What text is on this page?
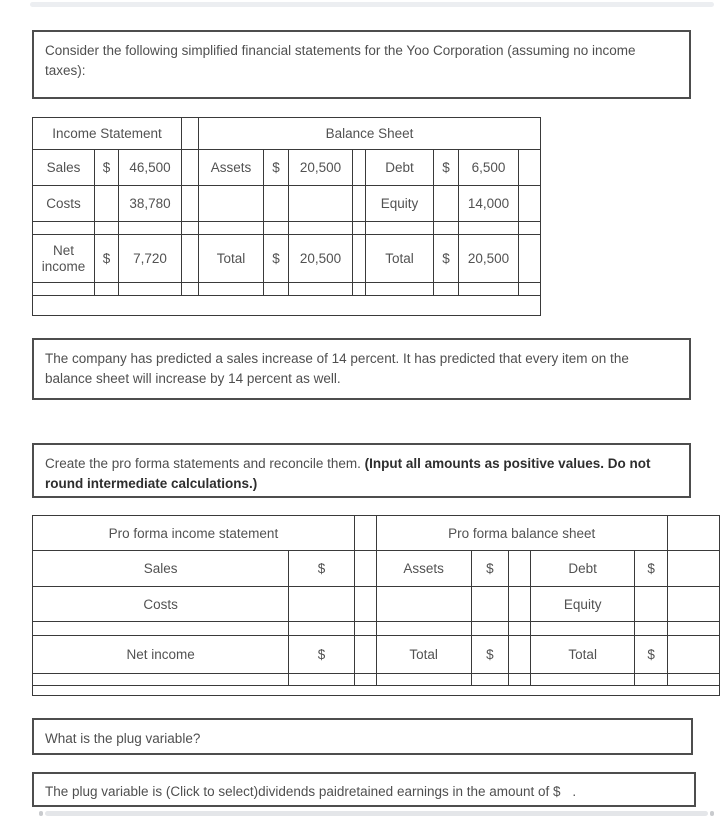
Consider the following simplified financial statements for the Yoo Corporation (assuming no income taxes):
Income Statement				Balance Sheet							
Sales	$	46,500		Assets	$	20,500		Debt	$	6,500	
Costs		38,780						Equity		14,000	

Net income	$	7,720		Total	$	20,500		Total	$	20,500	

The company has predicted a sales increase of 14 percent. It has predicted that every item on the balance sheet will increase by 14 percent as well.
Create the pro forma statements and reconcile them. (Input all amounts as positive values. Do not round intermediate calculations.)
Pro forma income statement			Pro forma balance sheet					
Sales	$		Assets	$		Debt	$	
Costs						Equity		

Net income	$		Total	$		Total	$	

What is the plug variable?
The plug variable is (Click to select)dividends paidretained earnings in the amount of $ .
